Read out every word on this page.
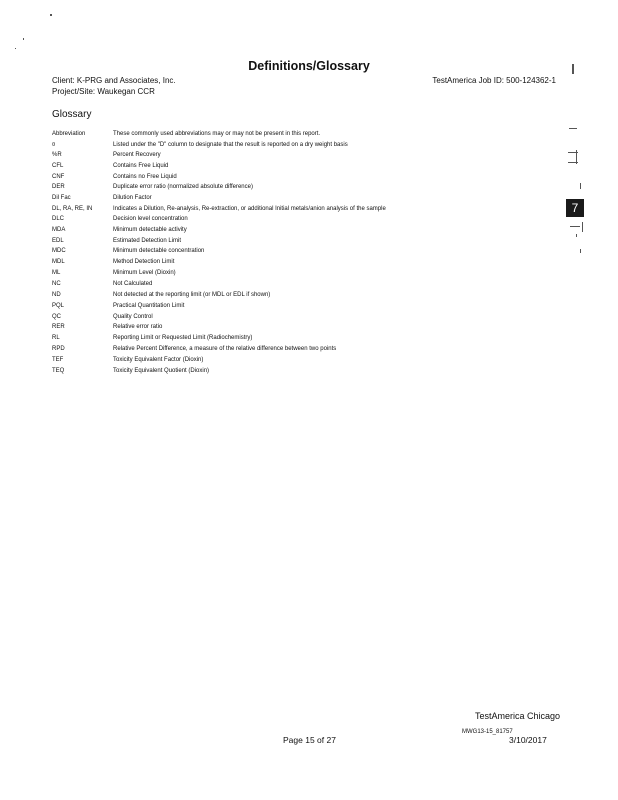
Definitions/Glossary
Client: K-PRG and Associates, Inc.
Project/Site: Waukegan CCR
TestAmerica Job ID: 500-124362-1
Glossary
Abbreviation	These commonly used abbreviations may or may not be present in this report.
¤	Listed under the "D" column to designate that the result is reported on a dry weight basis
%R	Percent Recovery
CFL	Contains Free Liquid
CNF	Contains no Free Liquid
DER	Duplicate error ratio (normalized absolute difference)
Dil Fac	Dilution Factor
DL, RA, RE, IN	Indicates a Dilution, Re-analysis, Re-extraction, or additional Initial metals/anion analysis of the sample
DLC	Decision level concentration
MDA	Minimum detectable activity
EDL	Estimated Detection Limit
MDC	Minimum detectable concentration
MDL	Method Detection Limit
ML	Minimum Level (Dioxin)
NC	Not Calculated
ND	Not detected at the reporting limit (or MDL or EDL if shown)
PQL	Practical Quantitation Limit
QC	Quality Control
RER	Relative error ratio
RL	Reporting Limit or Requested Limit (Radiochemistry)
RPD	Relative Percent Difference, a measure of the relative difference between two points
TEF	Toxicity Equivalent Factor (Dioxin)
TEQ	Toxicity Equivalent Quotient (Dioxin)
7
TestAmerica Chicago
MWG13-15_81757
Page 15 of 27	3/10/2017
